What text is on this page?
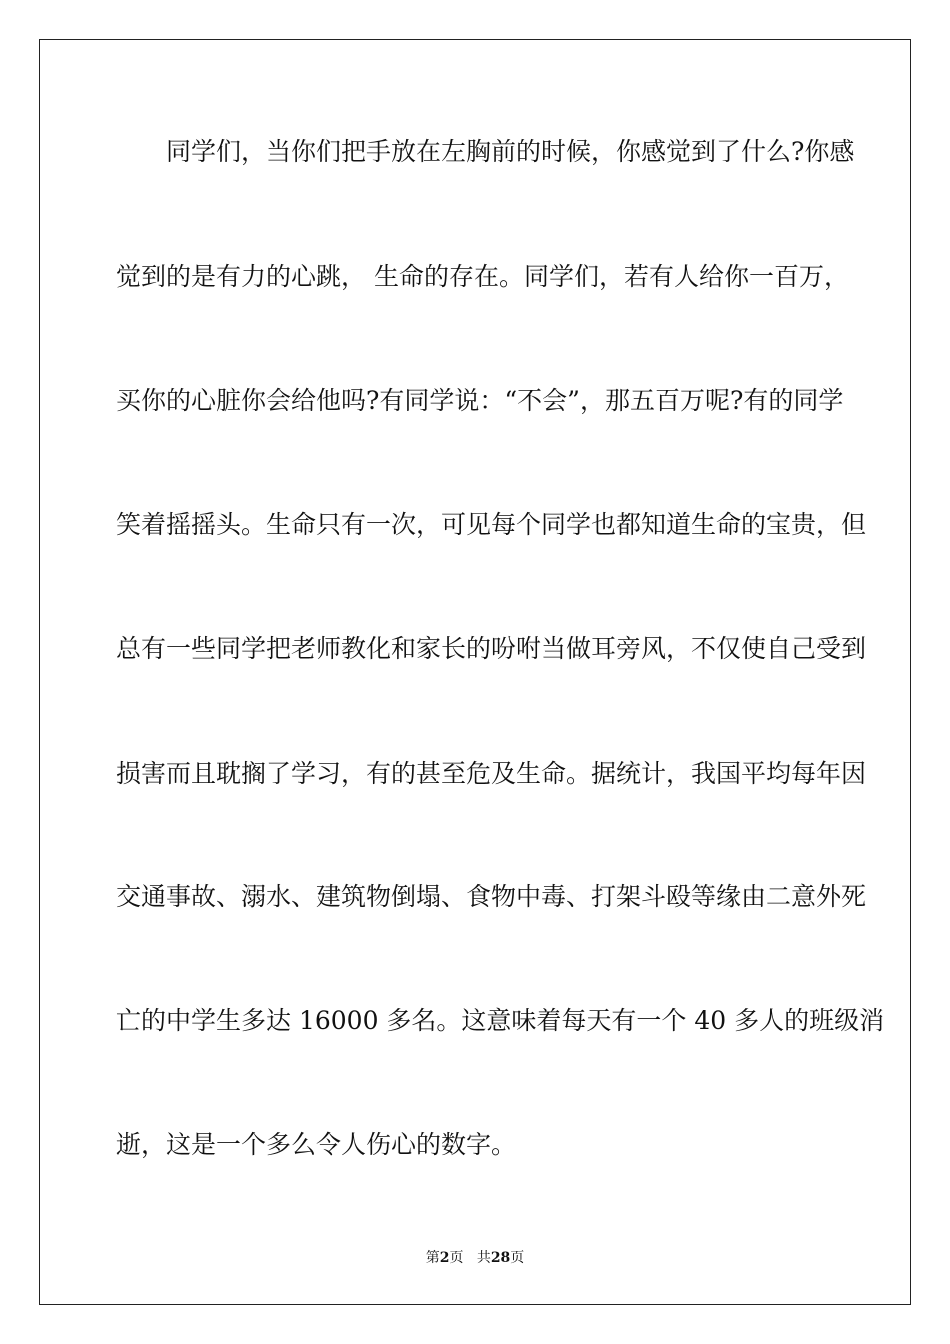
同学们，当你们把手放在左胸前的时候，你感觉到了什么?你感
觉到的是有力的心跳， 生命的存在。同学们，若有人给你一百万，
买你的心脏你会给他吗?有同学说：“不会”，那五百万呢?有的同学
笑着摇摇头。生命只有一次，可见每个同学也都知道生命的宝贵，但
总有一些同学把老师教化和家长的吩咐当做耳旁风，不仅使自己受到
损害而且耽搁了学习，有的甚至危及生命。据统计，我国平均每年因
交通事故、溺水、建筑物倒塌、食物中毒、打架斗殴等缘由二意外死
亡的中学生多达 16000 多名。这意味着每天有一个 40 多人的班级消
逝，这是一个多么令人伤心的数字。
第2页 共28页
